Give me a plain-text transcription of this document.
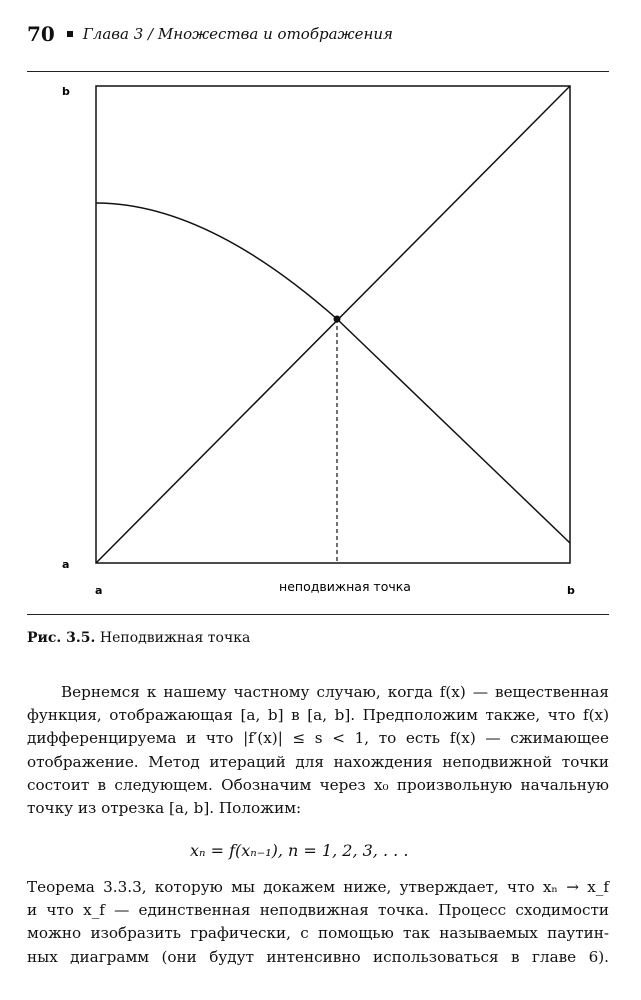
70 Глава 3 / Множества и отображения
b
a
a	b
неподвижная точка
Рис. 3.5. Неподвижная точка
Вернемся к нашему частному случаю, когда f(x) — вещественная
функция, отображающая [a, b] в [a, b]. Предположим также, что f(x)
дифференцируема и что |f′(x)| ≤ s < 1, то есть f(x) — сжимающее
отображение. Метод итераций для нахождения неподвижной точки
состоит в следующем. Обозначим через x₀ произвольную начальную
точку из отрезка [a, b]. Положим:
xₙ = f(xₙ₋₁), n = 1, 2, 3, . . .
Теорема 3.3.3, которую мы докажем ниже, утверждает, что xₙ → x_f
и что x_f — единственная неподвижная точка. Процесс сходимости
можно изобразить графически, с помощью так называемых паутин-
ных диаграмм (они будут интенсивно использоваться в главе 6).
